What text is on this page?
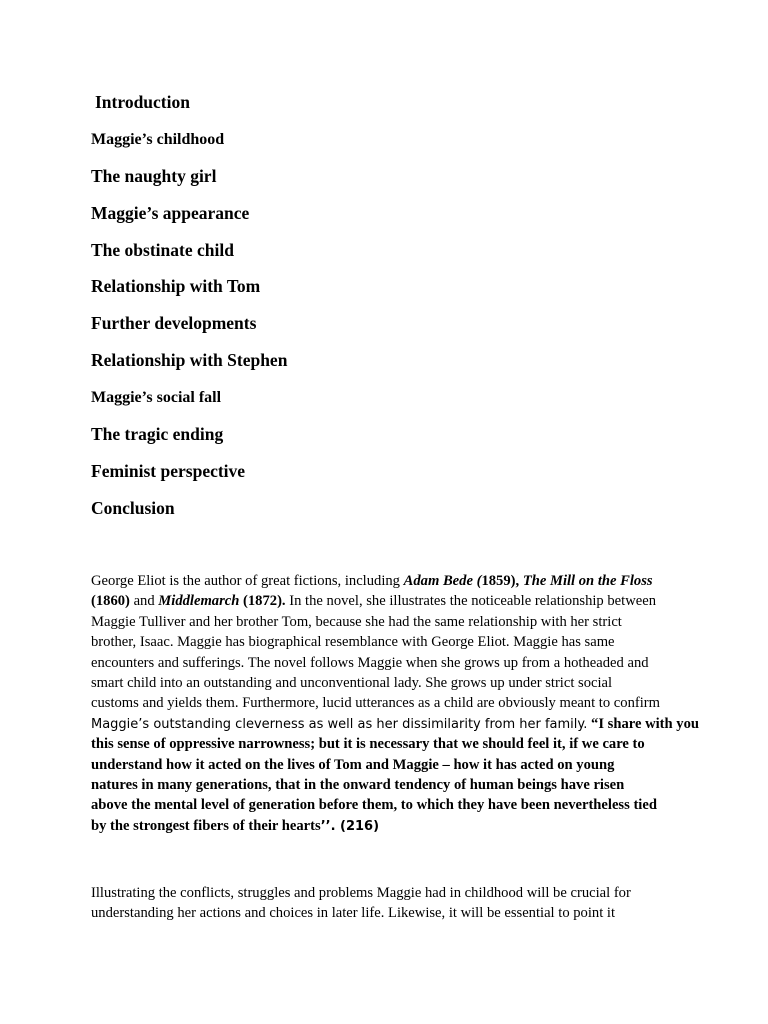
Introduction
Maggie’s childhood
The naughty girl
Maggie’s appearance
The obstinate child
Relationship with Tom
Further developments
Relationship with Stephen
Maggie’s social fall
The tragic ending
Feminist perspective
Conclusion
George Eliot is the author of great fictions, including Adam Bede (1859), The Mill on the Floss
(1860) and Middlemarch (1872). In the novel, she illustrates the noticeable relationship between
Maggie Tulliver and her brother Tom, because she had the same relationship with her strict
brother, Isaac. Maggie has biographical resemblance with George Eliot. Maggie has same
encounters and sufferings. The novel follows Maggie when she grows up from a hotheaded and
smart child into an outstanding and unconventional lady. She grows up under strict social
customs and yields them. Furthermore, lucid utterances as a child are obviously meant to confirm
Maggie’s outstanding cleverness as well as her dissimilarity from her family. “I share with you
this sense of oppressive narrowness; but it is necessary that we should feel it, if we care to
understand how it acted on the lives of Tom and Maggie – how it has acted on young
natures in many generations, that in the onward tendency of human beings have risen
above the mental level of generation before them, to which they have been nevertheless tied
by the strongest fibers of their hearts’’. (216)
Illustrating the conflicts, struggles and problems Maggie had in childhood will be crucial for
understanding her actions and choices in later life. Likewise, it will be essential to point it
